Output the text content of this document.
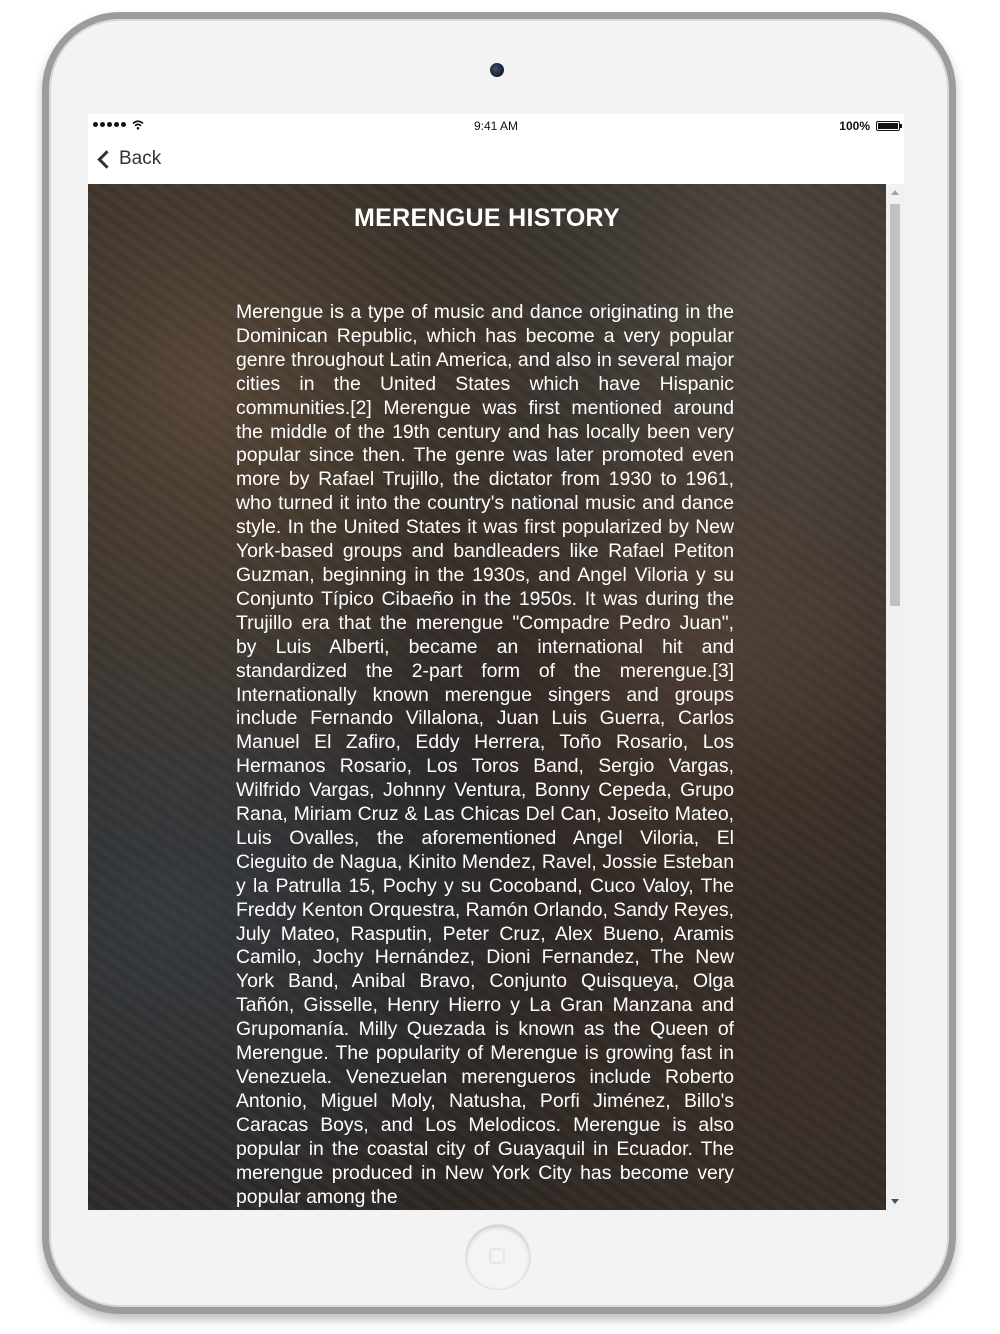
9:41 AM	100%
Back
MERENGUE HISTORY

Merengue is a type of music and dance originating in the Dominican Republic, which has become a very popular genre throughout Latin America, and also in several major cities in the United States which have Hispanic communities.[2] Merengue was first mentioned around the middle of the 19th century and has locally been very popular since then. The genre was later promoted even more by Rafael Trujillo, the dictator from 1930 to 1961, who turned it into the country's national music and dance style. In the United States it was first popularized by New York-based groups and bandleaders like Rafael Petiton Guzman, beginning in the 1930s, and Angel Viloria y su Conjunto Típico Cibaeño in the 1950s. It was during the Trujillo era that the merengue "Compadre Pedro Juan", by Luis Alberti, became an international hit and standardized the 2-part form of the merengue.[3] Internationally known merengue singers and groups include Fernando Villalona, Juan Luis Guerra, Carlos Manuel El Zafiro, Eddy Herrera, Toño Rosario, Los Hermanos Rosario, Los Toros Band, Sergio Vargas, Wilfrido Vargas, Johnny Ventura, Bonny Cepeda, Grupo Rana, Miriam Cruz & Las Chicas Del Can, Joseito Mateo, Luis Ovalles, the aforementioned Angel Viloria, El Cieguito de Nagua, Kinito Mendez, Ravel, Jossie Esteban y la Patrulla 15, Pochy y su Cocoband, Cuco Valoy, The Freddy Kenton Orquestra, Ramón Orlando, Sandy Reyes, July Mateo, Rasputin, Peter Cruz, Alex Bueno, Aramis Camilo, Jochy Hernández, Dioni Fernandez, The New York Band, Anibal Bravo, Conjunto Quisqueya, Olga Tañón, Gisselle, Henry Hierro y La Gran Manzana and Grupomanía. Milly Quezada is known as the Queen of Merengue. The popularity of Merengue is growing fast in Venezuela. Venezuelan merengueros include Roberto Antonio, Miguel Moly, Natusha, Porfi Jiménez, Billo's Caracas Boys, and Los Melodicos. Merengue is also popular in the coastal city of Guayaquil in Ecuador. The merengue produced in New York City has become very popular among the
